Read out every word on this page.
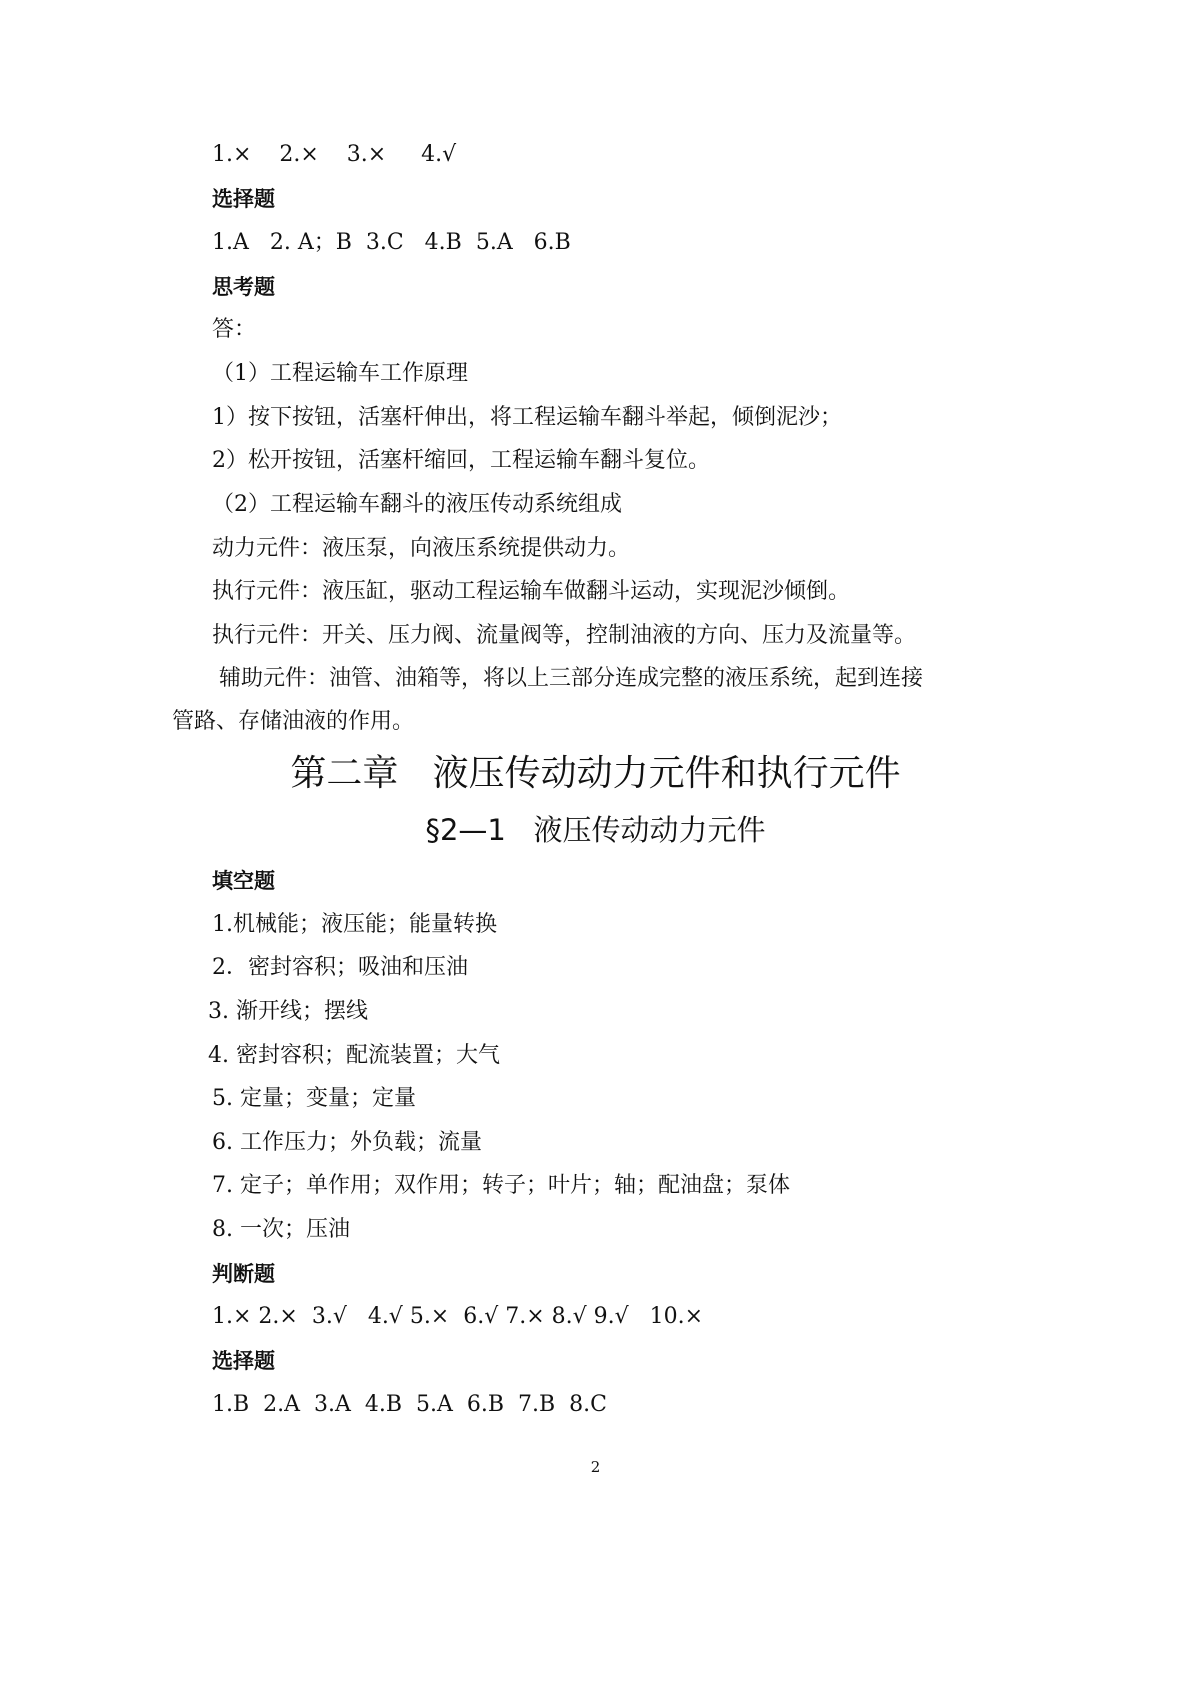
1.×    2.×    3.×     4.√
选择题
1.A   2. A；B  3.C   4.B  5.A   6.B
思考题
答：
（1）工程运输车工作原理
1）按下按钮，活塞杆伸出，将工程运输车翻斗举起，倾倒泥沙；
2）松开按钮，活塞杆缩回，工程运输车翻斗复位。
（2）工程运输车翻斗的液压传动系统组成
动力元件：液压泵，向液压系统提供动力。
执行元件：液压缸，驱动工程运输车做翻斗运动，实现泥沙倾倒。
执行元件：开关、压力阀、流量阀等，控制油液的方向、压力及流量等。
辅助元件：油管、油箱等，将以上三部分连成完整的液压系统，起到连接
管路、存储油液的作用。
第二章   液压传动动力元件和执行元件
§2—1   液压传动动力元件
填空题
1.机械能；液压能；能量转换
2．密封容积；吸油和压油
3. 渐开线；摆线
4. 密封容积；配流装置；大气
5. 定量；变量；定量
6. 工作压力；外负载；流量
7. 定子；单作用；双作用；转子；叶片；轴；配油盘；泵体
8. 一次；压油
判断题
1.× 2.×  3.√   4.√ 5.×  6.√ 7.× 8.√ 9.√   10.×
选择题
1.B  2.A  3.A  4.B  5.A  6.B  7.B  8.C
2
